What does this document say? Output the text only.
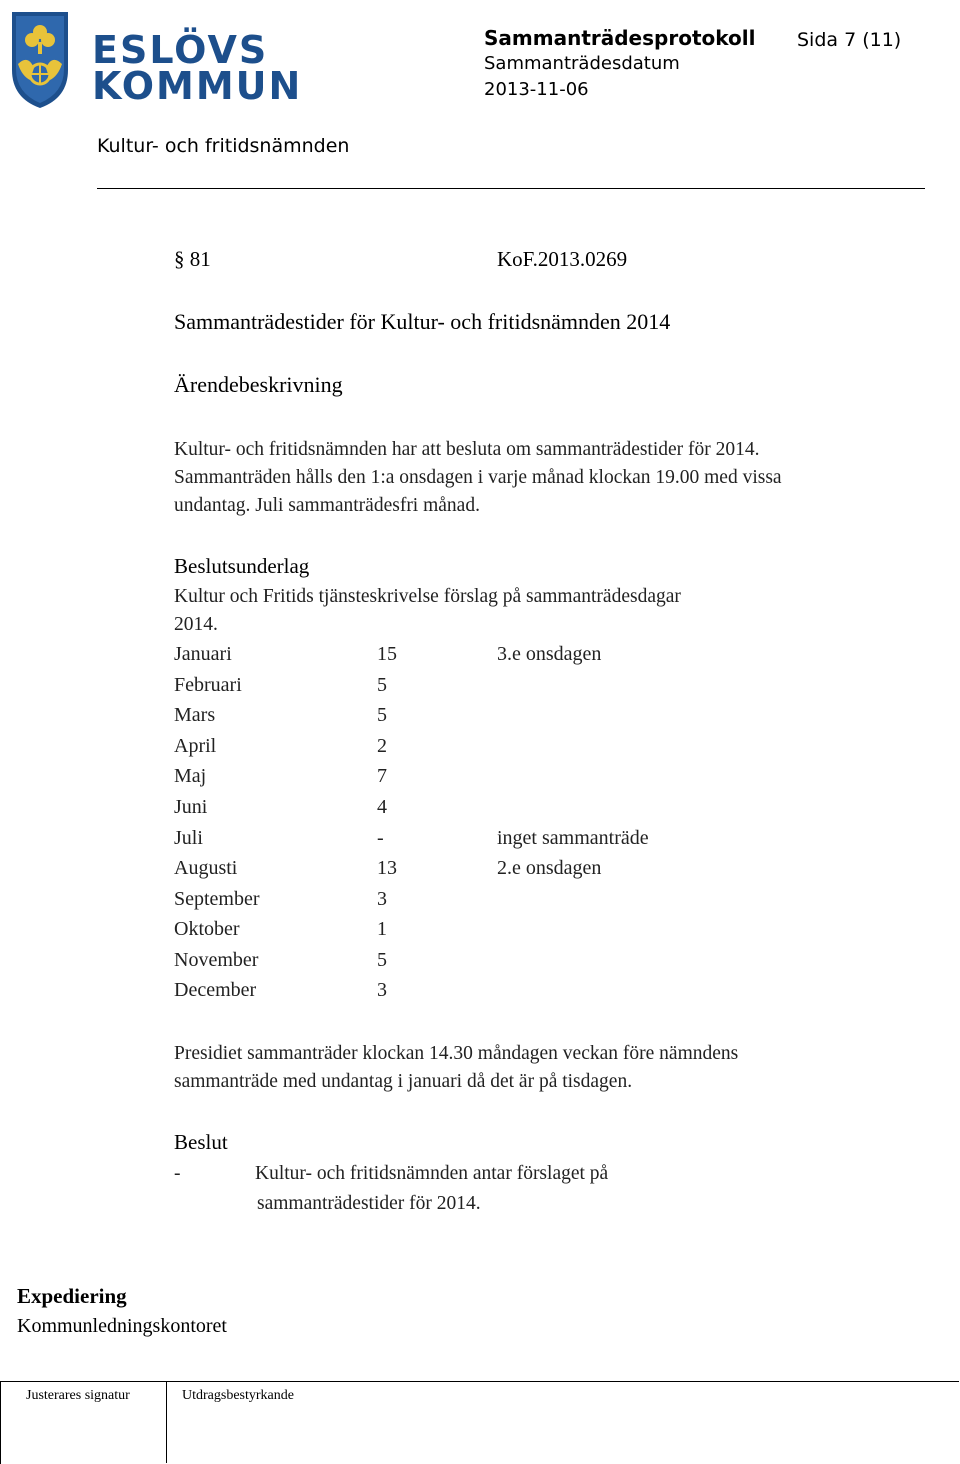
ESLÖVS
KOMMUN
Sammanträdesprotokoll Sida 7 (11)
Sammanträdesdatum
2013-11-06
Kultur- och fritidsnämnden
§ 81	KoF.2013.0269
Sammanträdestider för Kultur- och fritidsnämnden 2014
Ärendebeskrivning
Kultur- och fritidsnämnden har att besluta om sammanträdestider för 2014.
Sammanträden hålls den 1:a onsdagen i varje månad klockan 19.00 med vissa
undantag. Juli sammanträdesfri månad.
Beslutsunderlag
Kultur och Fritids tjänsteskrivelse förslag på sammanträdesdagar
2014.
Januari	15	3.e onsdagen
Februari	5
Mars	5
April	2
Maj	7
Juni	4
Juli	-	inget sammanträde
Augusti	13	2.e onsdagen
September	3
Oktober	1
November	5
December	3
Presidiet sammanträder klockan 14.30 måndagen veckan före nämndens
sammanträde med undantag i januari då det är på tisdagen.
Beslut
-	Kultur- och fritidsnämnden antar förslaget på
sammanträdestider för 2014.
Expediering
Kommunledningskontoret
Justerares signatur	Utdragsbestyrkande
